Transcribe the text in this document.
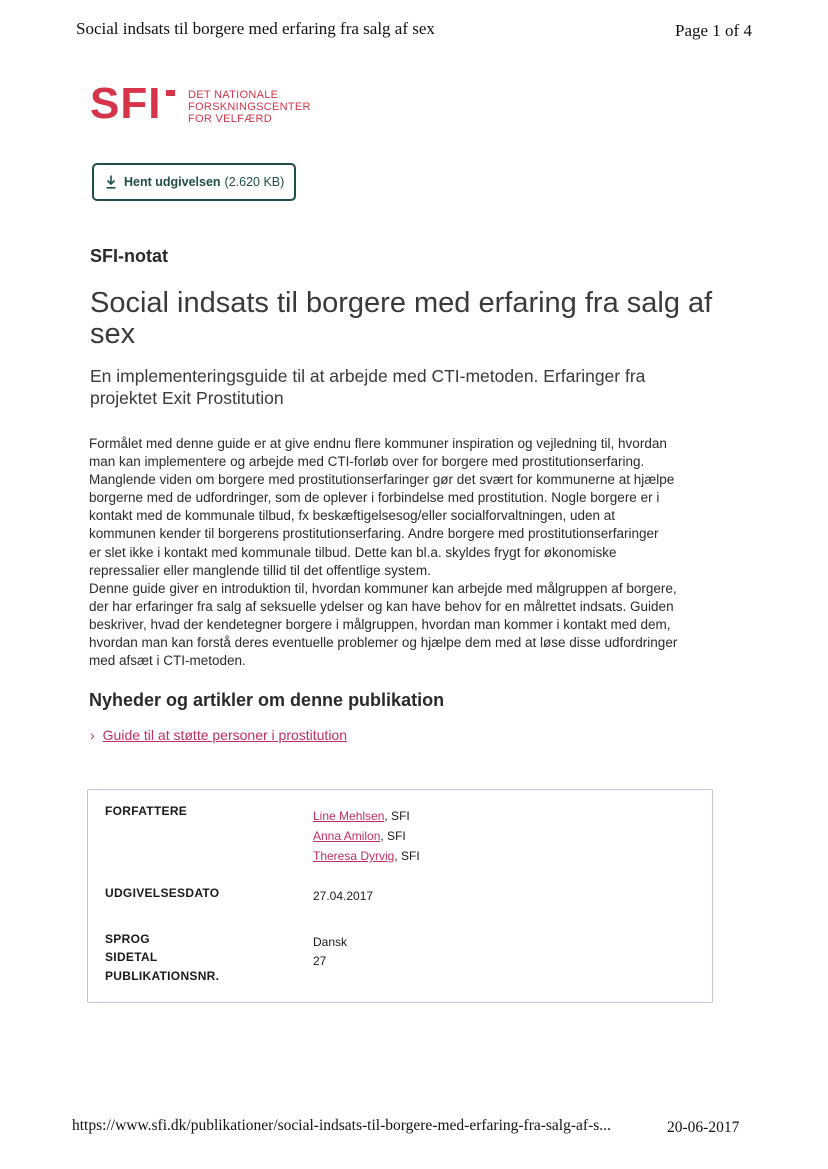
Social indsats til borgere med erfaring fra salg af sex	Page 1 of 4
SFI DET NATIONALE
FORSKNINGSCENTER
FOR VELFÆRD
Hent udgivelsen (2.620 KB)
SFI-notat
Social indsats til borgere med erfaring fra salg af sex
En implementeringsguide til at arbejde med CTI-metoden. Erfaringer fra projektet Exit Prostitution

Formålet med denne guide er at give endnu flere kommuner inspiration og vejledning til, hvordan
man kan implementere og arbejde med CTI-forløb over for borgere med prostitutionserfaring.
Manglende viden om borgere med prostitutionserfaringer gør det svært for kommunerne at hjælpe
borgerne med de udfordringer, som de oplever i forbindelse med prostitution. Nogle borgere er i
kontakt med de kommunale tilbud, fx beskæftigelsesog/eller socialforvaltningen, uden at
kommunen kender til borgerens prostitutionserfaring. Andre borgere med prostitutionserfaringer
er slet ikke i kontakt med kommunale tilbud. Dette kan bl.a. skyldes frygt for økonomiske
repressalier eller manglende tillid til det offentlige system.

Denne guide giver en introduktion til, hvordan kommuner kan arbejde med målgruppen af borgere,
der har erfaringer fra salg af seksuelle ydelser og kan have behov for en målrettet indsats. Guiden
beskriver, hvad der kendetegner borgere i målgruppen, hvordan man kommer i kontakt med dem,
hvordan man kan forstå deres eventuelle problemer og hjælpe dem med at løse disse udfordringer
med afsæt i CTI-metoden.

Nyheder og artikler om denne publikation
› Guide til at støtte personer i prostitution
FORFATTERE	Line Mehlsen, SFI
Anna Amilon, SFI
Theresa Dyrvig, SFI
UDGIVELSESDATO	27.04.2017
SPROG	Dansk
SIDETAL	27
PUBLIKATIONSNR.
https://www.sfi.dk/publikationer/social-indsats-til-borgere-med-erfaring-fra-salg-af-s...	20-06-2017
